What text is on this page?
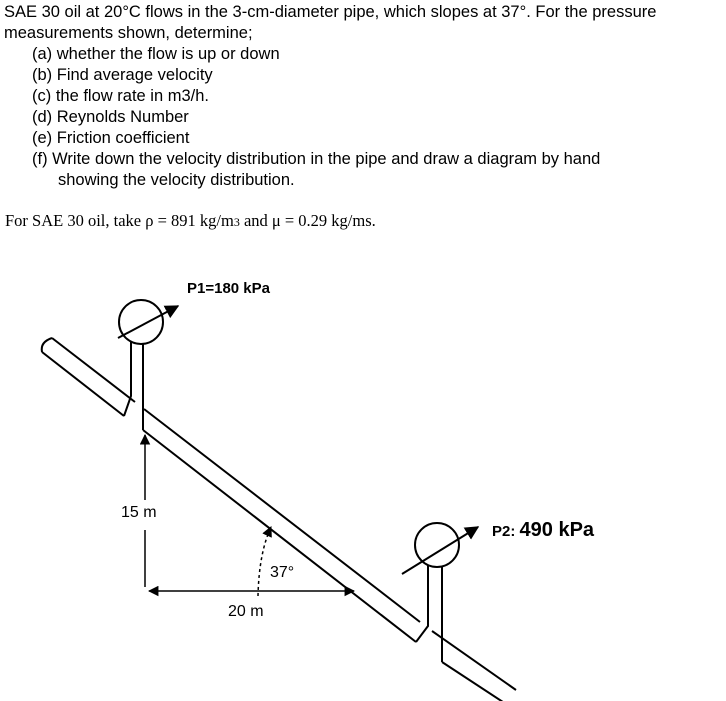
SAE 30 oil at 20°C flows in the 3-cm-diameter pipe, which slopes at 37°. For the pressure
measurements shown, determine;
(a) whether the flow is up or down
(b) Find average velocity
(c) the flow rate in m3/h.
(d) Reynolds Number
(e) Friction coefficient
(f) Write down the velocity distribution in the pipe and draw a diagram by hand
showing the velocity distribution.
For SAE 30 oil, take ρ = 891 kg/m3 and μ = 0.29 kg/ms.
P1=180 kPa
P2: 490 kPa
15 m
20 m
37°
